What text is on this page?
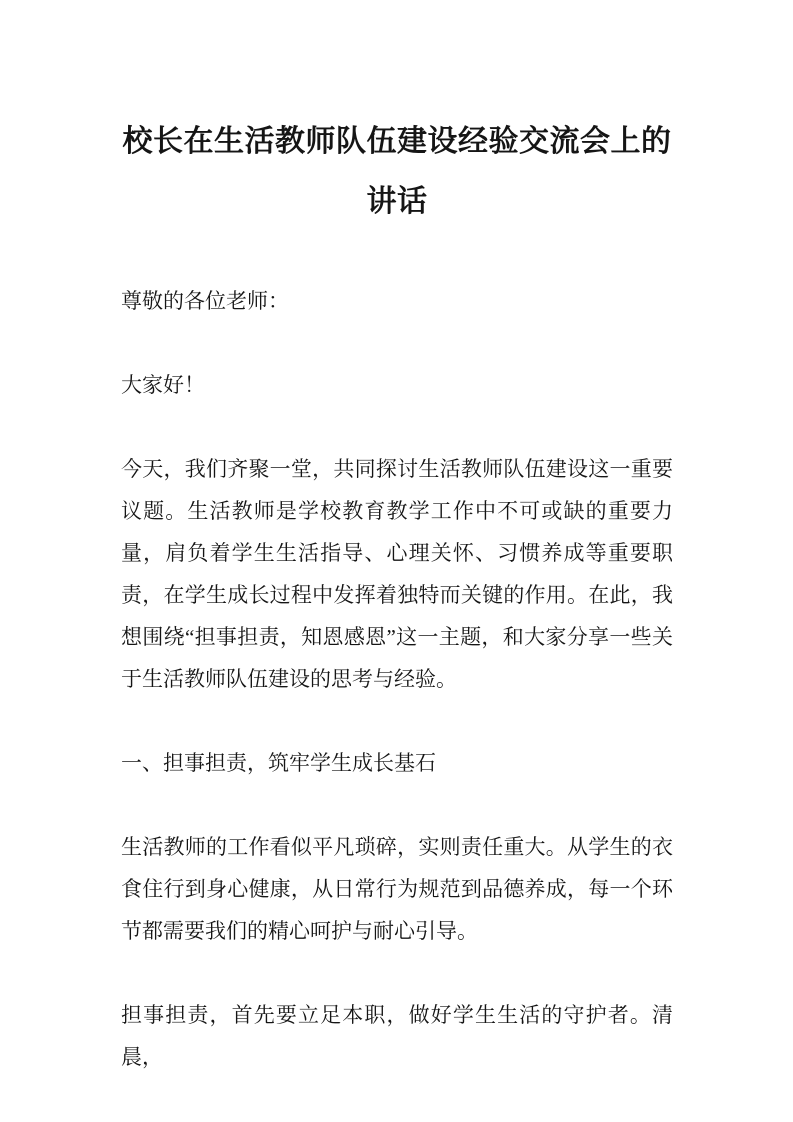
校长在生活教师队伍建设经验交流会上的讲话

尊敬的各位老师：

大家好！

今天，我们齐聚一堂，共同探讨生活教师队伍建设这一重要议题。生活教师是学校教育教学工作中不可或缺的重要力量，肩负着学生生活指导、心理关怀、习惯养成等重要职责，在学生成长过程中发挥着独特而关键的作用。在此，我想围绕“担事担责，知恩感恩”这一主题，和大家分享一些关于生活教师队伍建设的思考与经验。

一、担事担责，筑牢学生成长基石

生活教师的工作看似平凡琐碎，实则责任重大。从学生的衣食住行到身心健康，从日常行为规范到品德养成，每一个环节都需要我们的精心呵护与耐心引导。

担事担责，首先要立足本职，做好学生生活的守护者。清晨，
